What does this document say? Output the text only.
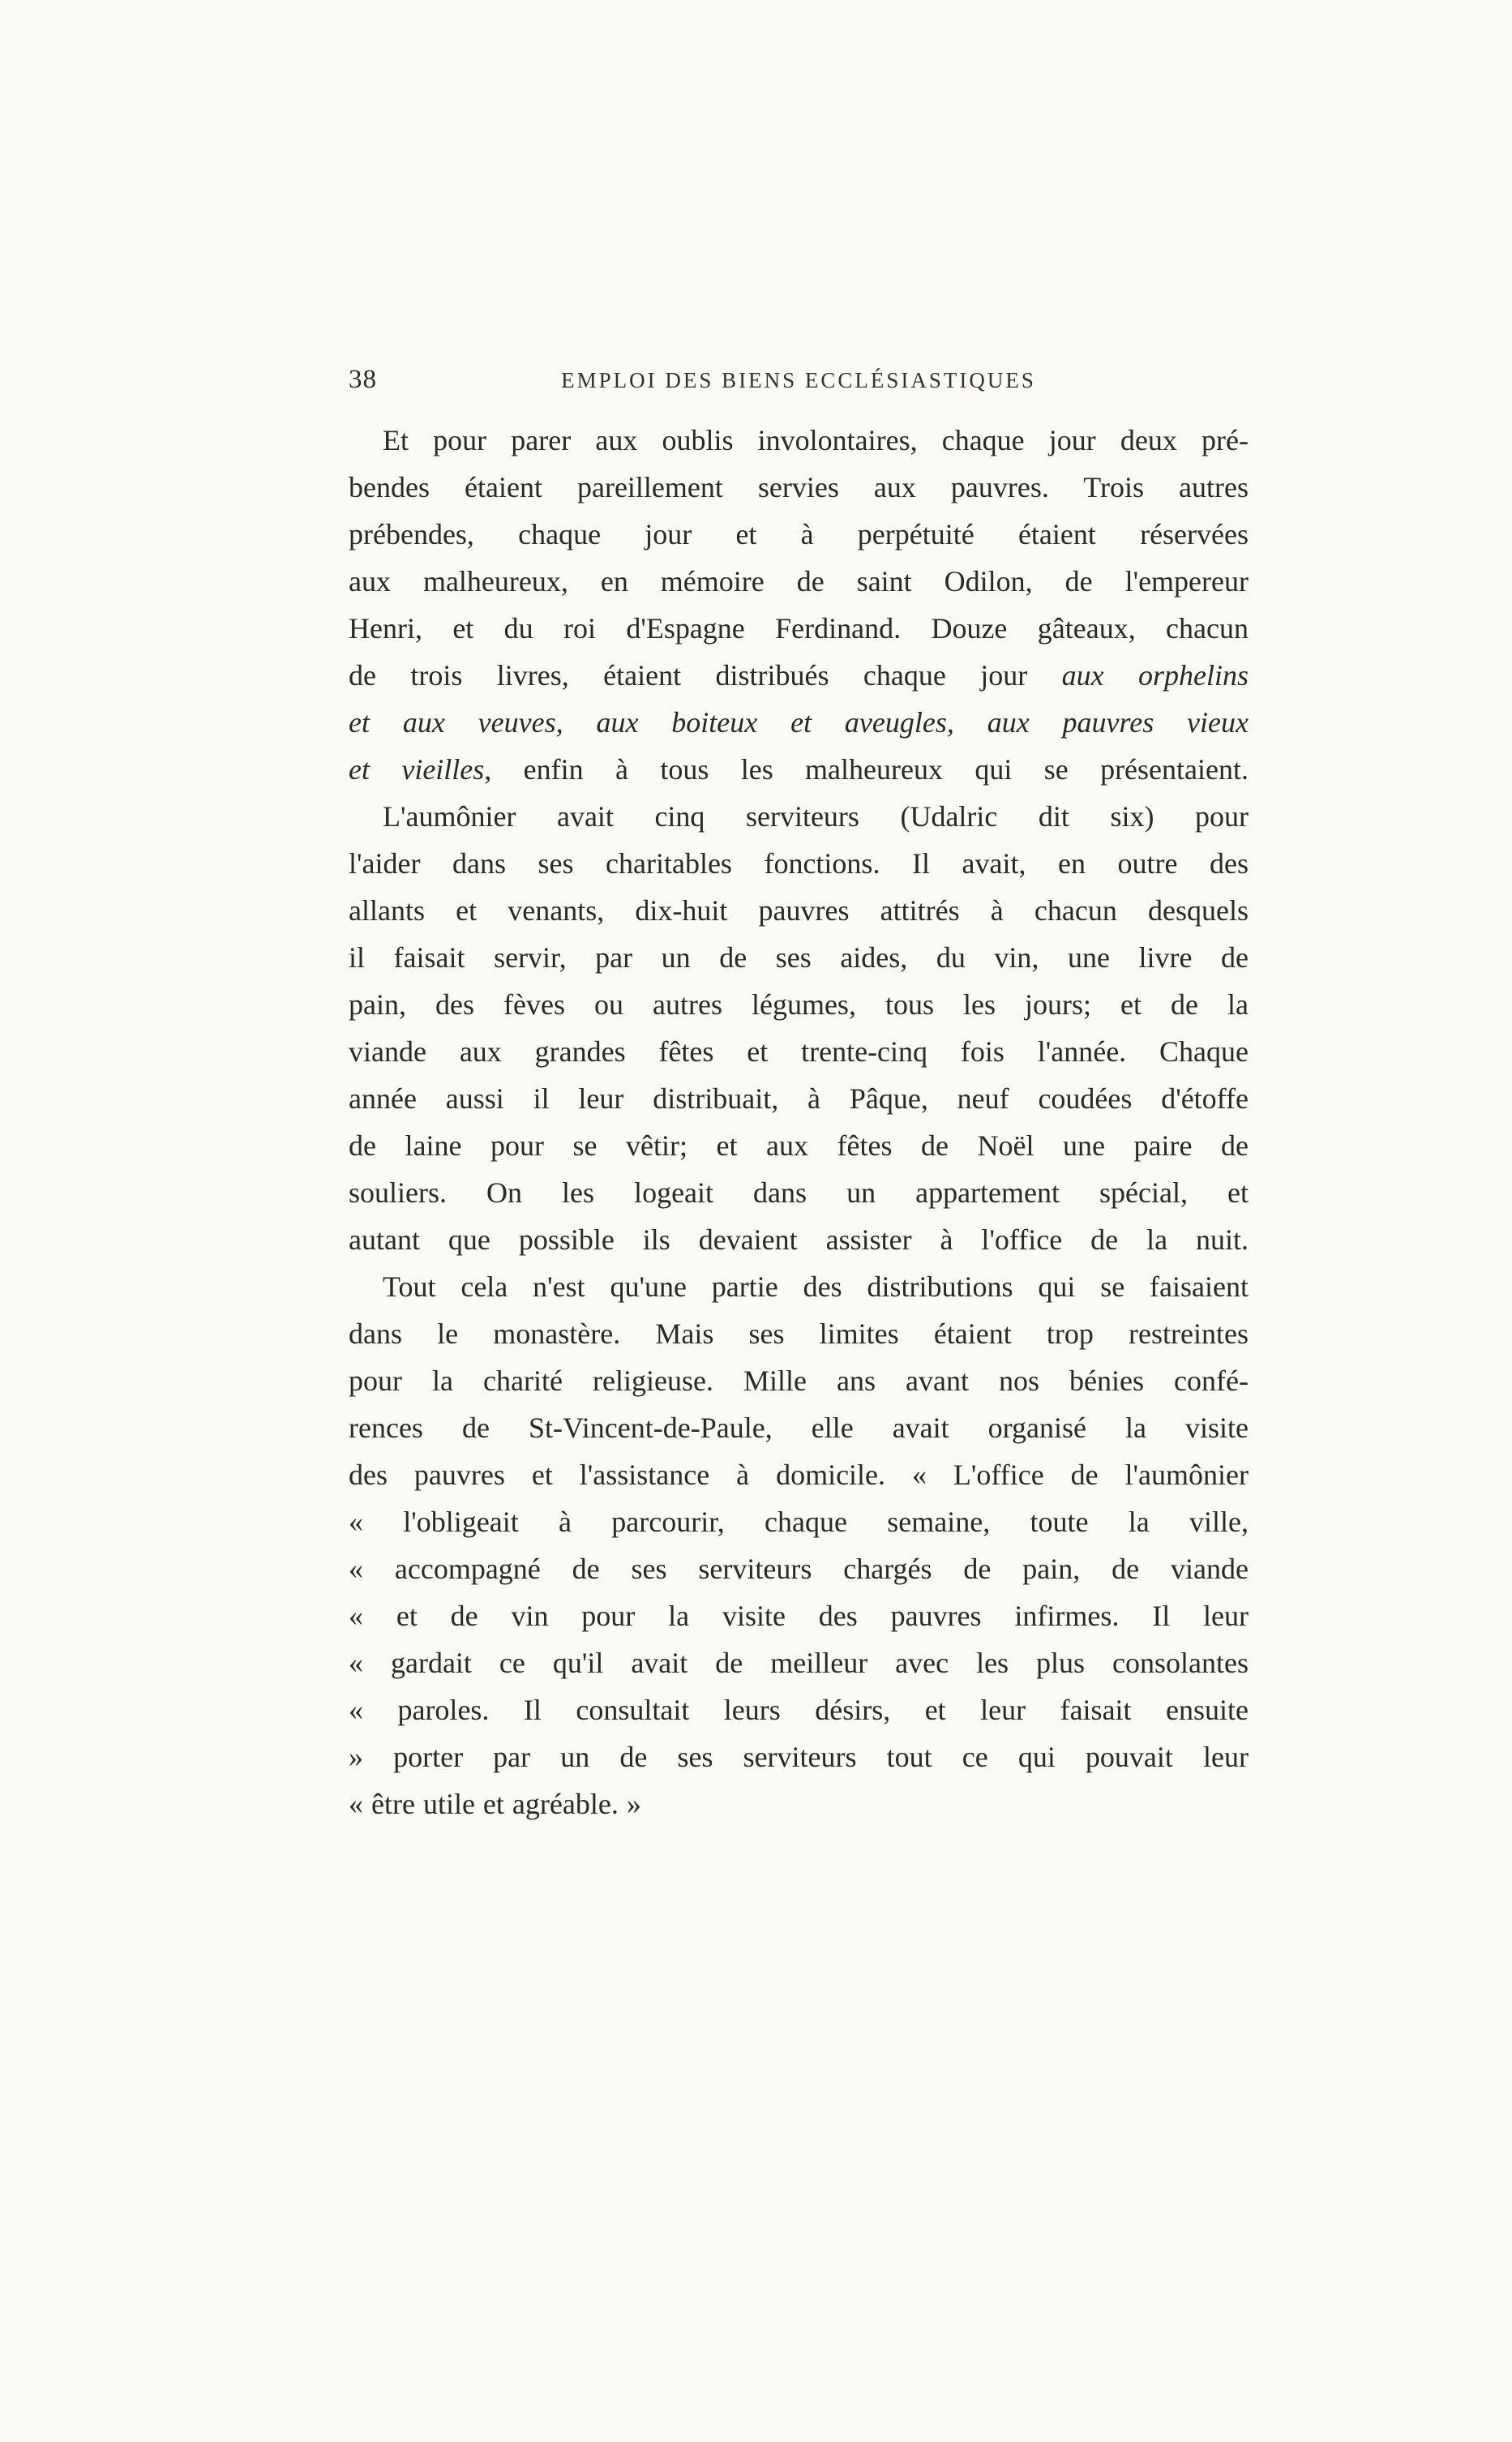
38	EMPLOI DES BIENS ECCLÉSIASTIQUES
Et pour parer aux oublis involontaires, chaque jour deux pré-
bendes étaient pareillement servies aux pauvres. Trois autres
prébendes, chaque jour et à perpétuité étaient réservées
aux malheureux, en mémoire de saint Odilon, de l'empereur
Henri, et du roi d'Espagne Ferdinand. Douze gâteaux, chacun
de trois livres, étaient distribués chaque jour aux orphelins
et aux veuves, aux boiteux et aveugles, aux pauvres vieux
et vieilles, enfin à tous les malheureux qui se présentaient.
L'aumônier avait cinq serviteurs (Udalric dit six) pour
l'aider dans ses charitables fonctions. Il avait, en outre des
allants et venants, dix-huit pauvres attitrés à chacun desquels
il faisait servir, par un de ses aides, du vin, une livre de
pain, des fèves ou autres légumes, tous les jours; et de la
viande aux grandes fêtes et trente-cinq fois l'année. Chaque
année aussi il leur distribuait, à Pâque, neuf coudées d'étoffe
de laine pour se vêtir; et aux fêtes de Noël une paire de
souliers. On les logeait dans un appartement spécial, et
autant que possible ils devaient assister à l'office de la nuit.
Tout cela n'est qu'une partie des distributions qui se faisaient
dans le monastère. Mais ses limites étaient trop restreintes
pour la charité religieuse. Mille ans avant nos bénies confé-
rences de St-Vincent-de-Paule, elle avait organisé la visite
des pauvres et l'assistance à domicile. « L'office de l'aumônier
« l'obligeait à parcourir, chaque semaine, toute la ville,
« accompagné de ses serviteurs chargés de pain, de viande
« et de vin pour la visite des pauvres infirmes. Il leur
« gardait ce qu'il avait de meilleur avec les plus consolantes
« paroles. Il consultait leurs désirs, et leur faisait ensuite
» porter par un de ses serviteurs tout ce qui pouvait leur
« être utile et agréable. »
